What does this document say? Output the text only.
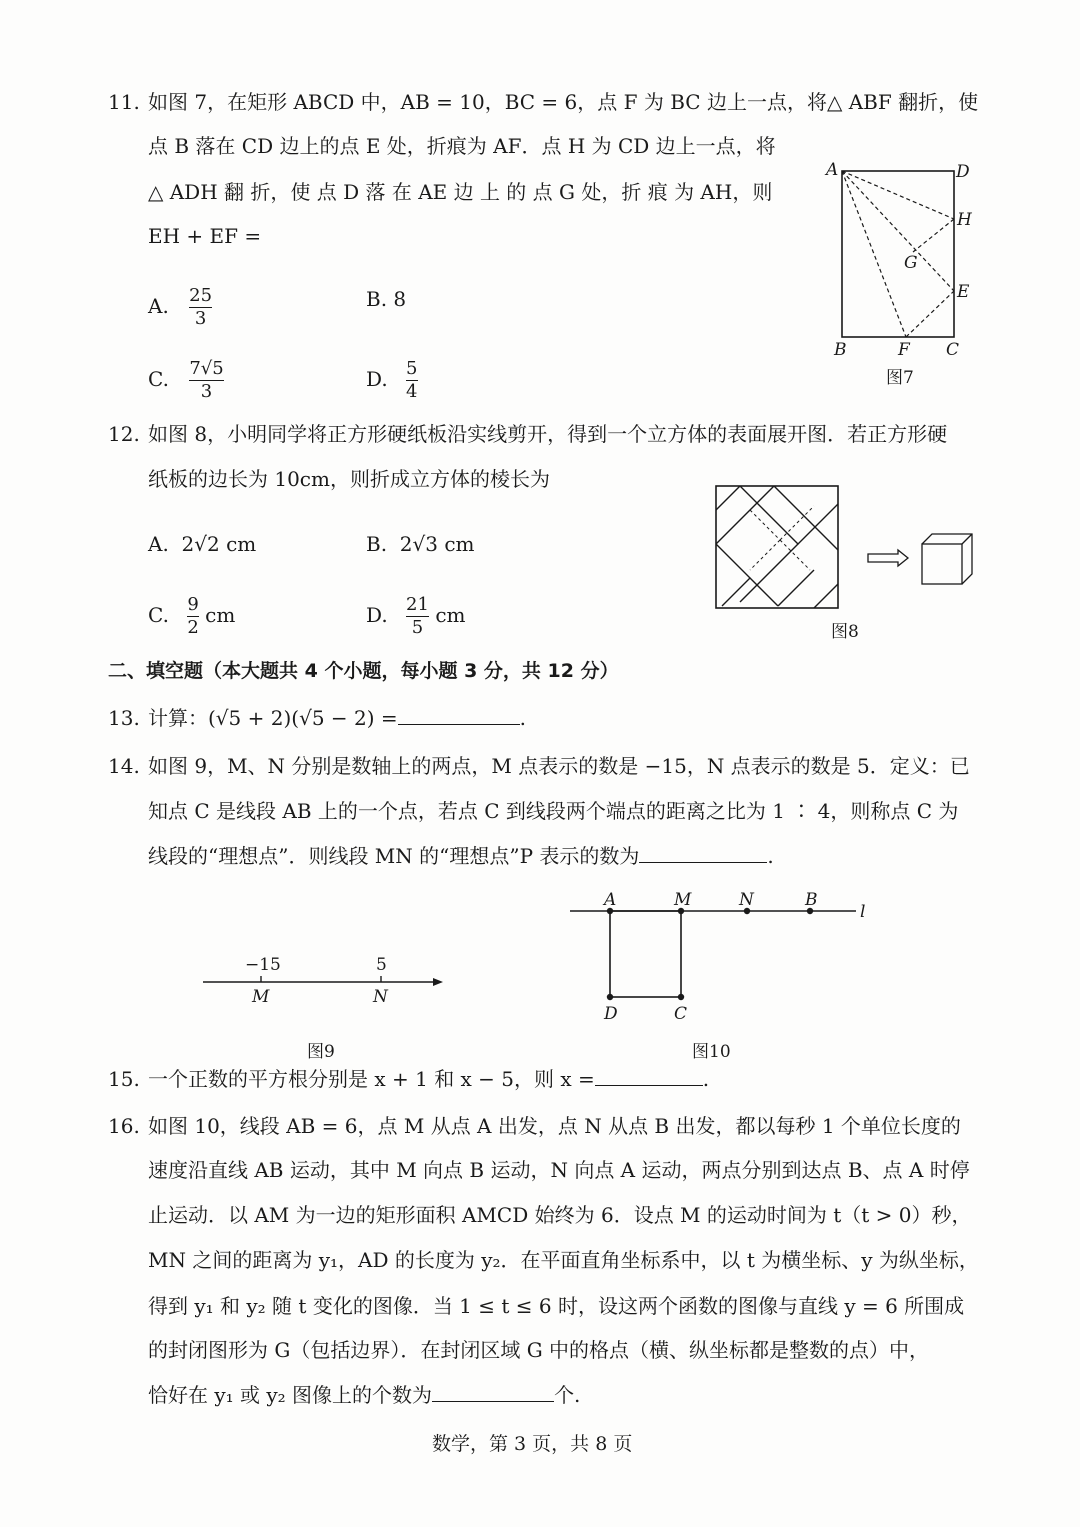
11. 如图 7，在矩形 ABCD 中，AB = 10，BC = 6，点 F 为 BC 边上一点，将△ ABF 翻折，使
点 B 落在 CD 边上的点 E 处，折痕为 AF．点 H 为 CD 边上一点，将
△ ADH 翻 折，使 点 D 落 在 AE 边 上 的 点 G 处，折 痕 为 AH，则
EH + EF =
A. $\frac{25}{3}$	B. 8
C. $\frac{7√5}{3}$	D. $\frac{5}{4}$
A	D
H
G
E
B	F C
图7
12. 如图 8，小明同学将正方形硬纸板沿实线剪开，得到一个立方体的表面展开图．若正方形硬
纸板的边长为 10cm，则折成立方体的棱长为
A. 2√2 cm	B. 2√3 cm
C. $\frac{9}{2}$ cm	D. $\frac{21}{5}$ cm
图8
二、填空题（本大题共 4 个小题，每小题 3 分，共 12 分）
13. 计算：(√5 + 2)(√5 − 2) =	.
14. 如图 9，M、N 分别是数轴上的两点，M 点表示的数是 −15，N 点表示的数是 5．定义：已
知点 C 是线段 AB 上的一个点，若点 C 到线段两个端点的距离之比为 1 ∶ 4，则称点 C 为
线段的“理想点”．则线段 MN 的“理想点”P 表示的数为	.
−15	5
M	N
图9
A	M	N	B
l
D	C
图10
15. 一个正数的平方根分别是 x + 1 和 x − 5，则 x =	.
16. 如图 10，线段 AB = 6，点 M 从点 A 出发，点 N 从点 B 出发，都以每秒 1 个单位长度的
速度沿直线 AB 运动，其中 M 向点 B 运动，N 向点 A 运动，两点分别到达点 B、点 A 时停
止运动．以 AM 为一边的矩形面积 AMCD 始终为 6．设点 M 的运动时间为 t（t > 0）秒，
MN 之间的距离为 y₁，AD 的长度为 y₂．在平面直角坐标系中，以 t 为横坐标、y 为纵坐标，
得到 y₁ 和 y₂ 随 t 变化的图像．当 1 ≤ t ≤ 6 时，设这两个函数的图像与直线 y = 6 所围成
的封闭图形为 G（包括边界）．在封闭区域 G 中的格点（横、纵坐标都是整数的点）中，
恰好在 y₁ 或 y₂ 图像上的个数为	个.
数学，第 3 页，共 8 页
